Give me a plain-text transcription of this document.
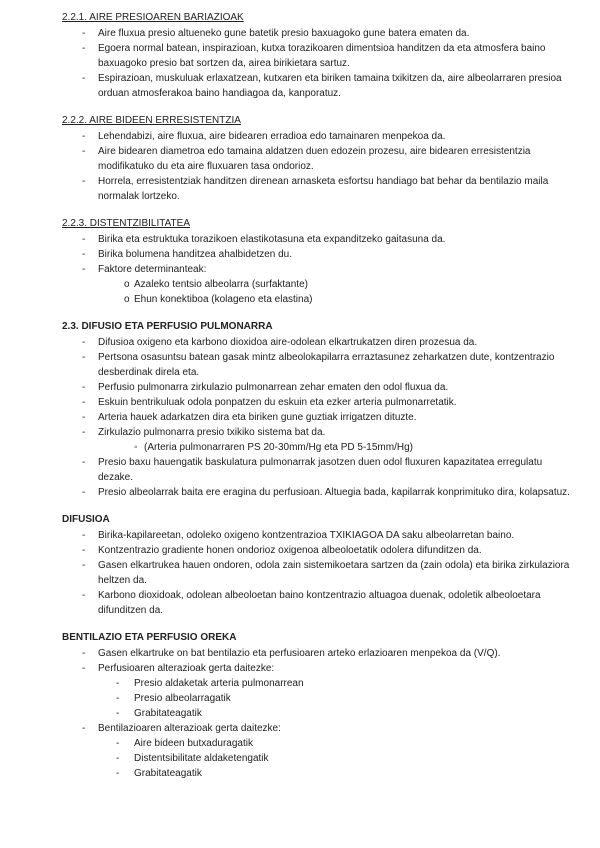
2.2.1. AIRE PRESIOAREN BARIAZIOAK
- Aire fluxua presio altueneko gune batetik presio baxuagoko gune batera ematen da.
- Egoera normal batean, inspirazioan, kutxa torazikoaren dimentsioa handitzen da eta atmosfera baino baxuagoko presio bat sortzen da, airea birikietara sartuz.
- Espirazioan, muskuluak erlaxatzean, kutxaren eta biriken tamaina txikitzen da, aire albeolarraren presioa orduan atmosferakoa baino handiagoa da, kanporatuz.
2.2.2. AIRE BIDEEN ERRESISTENTZIA
- Lehendabizi, aire fluxua, aire bidearen erradioa edo tamainaren menpekoa da.
- Aire bidearen diametroa edo tamaina aldatzen duen edozein prozesu, aire bidearen erresistentzia modifikatuko du eta aire fluxuaren tasa ondorioz.
- Horrela, erresistentziak handitzen direnean arnasketa esfortsu handiago bat behar da bentilazio maila normalak lortzeko.
2.2.3. DISTENTZIBILITATEA
- Birika eta estruktuka torazikoen elastikotasuna eta expanditzeko gaitasuna da.
- Birika bolumena handitzea ahalbidetzen du.
- Faktore determinanteak:
o Azaleko tentsio albeolarra (surfaktante)
o Ehun konektiboa (kolageno eta elastina)
2.3. DIFUSIO ETA PERFUSIO PULMONARRA
- Difusioa oxigeno eta karbono dioxidoa aire-odolean elkartrukatzen diren prozesua da.
- Pertsona osasuntsu batean gasak mintz albeolokapilarra erraztasunez zeharkatzen dute, kontzentrazio desberdinak direla eta.
- Perfusio pulmonarra zirkulazio pulmonarrean zehar ematen den odol fluxua da.
- Eskuin bentrikuluak odola ponpatzen du eskuin eta ezker arteria pulmonarretatik.
- Arteria hauek adarkatzen dira eta biriken gune guztiak irrigatzen dituzte.
- Zirkulazio pulmonarra presio txikiko sistema bat da.
◦ (Arteria pulmonarraren PS 20-30mm/Hg eta PD 5-15mm/Hg)
- Presio baxu hauengatik baskulatura pulmonarrak jasotzen duen odol fluxuren kapazitatea erregulatu dezake.
- Presio albeolarrak baita ere eragina du perfusioan. Altuegia bada, kapilarrak konprimituko dira, kolapsatuz.
DIFUSIOA
- Birika-kapilareetan, odoleko oxigeno kontzentrazioa TXIKIAGOA DA saku albeolarretan baino.
- Kontzentrazio gradiente honen ondorioz oxigenoa albeoloetatik odolera difunditzen da.
- Gasen elkartrukea hauen ondoren, odola zain sistemikoetara sartzen da (zain odola) eta birika zirkulaziora heltzen da.
- Karbono dioxidoak, odolean albeoloetan baino kontzentrazio altuagoa duenak, odoletik albeoloetara difunditzen da.
BENTILAZIO ETA PERFUSIO OREKA
- Gasen elkartruke on bat bentilazio eta perfusioaren arteko erlazioaren menpekoa da (V/Q).
- Perfusioaren alterazioak gerta daitezke:
- Presio aldaketak arteria pulmonarrean
- Presio albeolarragatik
- Grabitateagatik
- Bentilazioaren alterazioak gerta daitezke:
- Aire bideen butxaduragatik
- Distentsibilitate aldaketengatik
- Grabitateagatik
